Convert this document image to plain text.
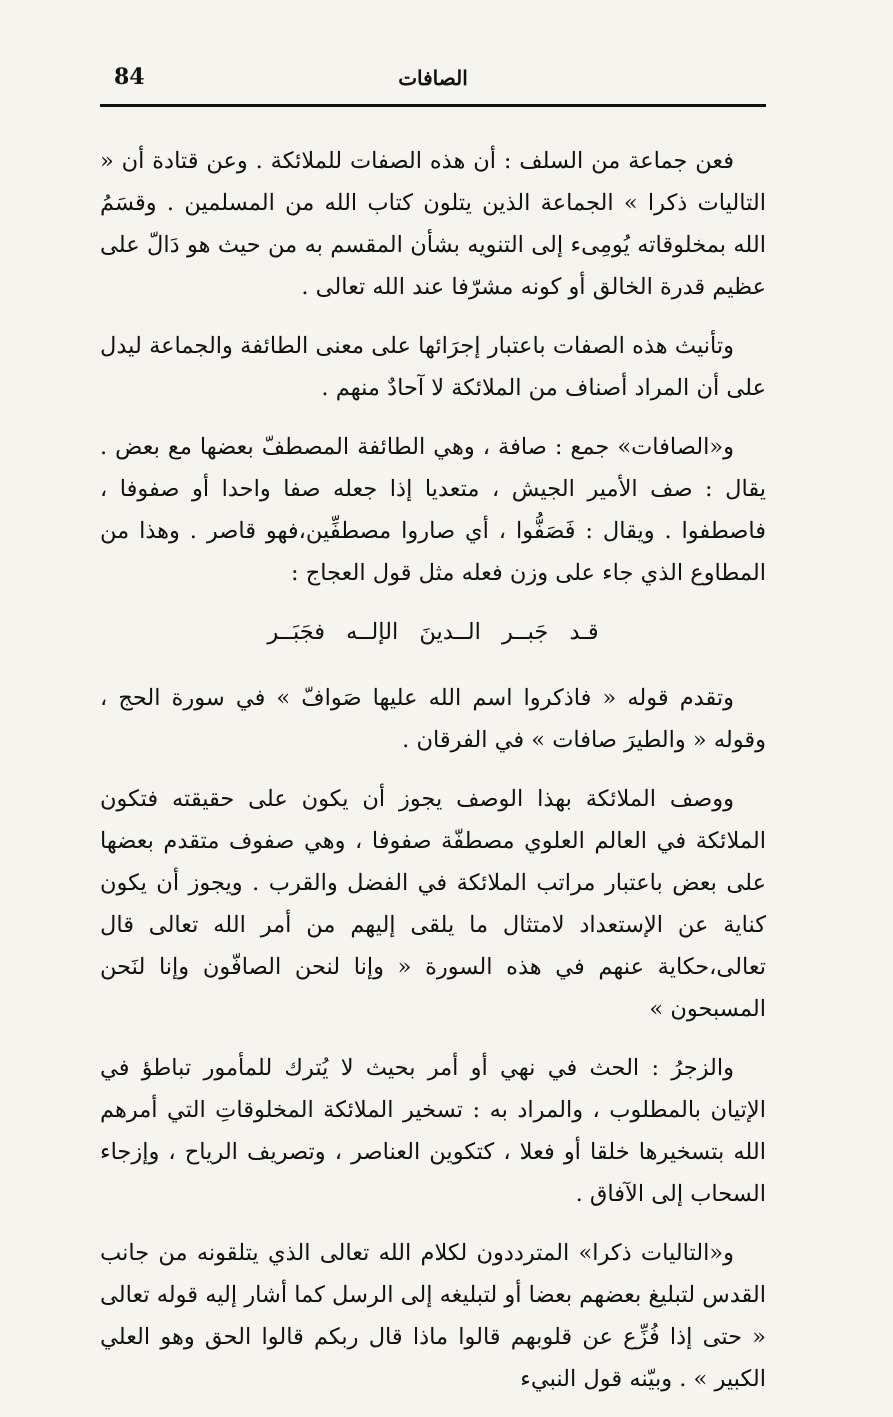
الصافات
84

فعن جماعة من السلف : أن هذه الصفات للملائكة . وعن قتادة أن « التاليات ذكرا » الجماعة الذين يتلون كتاب الله من المسلمين . وقسَمُ الله بمخلوقاته يُومِىء إلى التنويه بشأن المقسم به من حيث هو دَالّ على عظيم قدرة الخالق أو كونه مشرّفا عند الله تعالى .

وتأنيث هذه الصفات باعتبار إجرَائها على معنى الطائفة والجماعة ليدل على أن المراد أصناف من الملائكة لا آحادٌ منهم .

و«الصافات» جمع : صافة ، وهي الطائفة المصطفّ بعضها مع بعض . يقال : صف الأمير الجيش ، متعديا إذا جعله صفا واحدا أو صفوفا ، فاصطفوا . ويقال : فَصَفُّوا ، أي صاروا مصطفِّين،فهو قاصر . وهذا من المطاوع الذي جاء على وزن فعله مثل قول العجاج :

قـد جَبــر الــدينَ الإلــه فجَبَــر

وتقدم قوله « فاذكروا اسم الله عليها صَوافّ » في سورة الحج ، وقوله « والطيرَ صافات » في الفرقان .

ووصف الملائكة بهذا الوصف يجوز أن يكون على حقيقته فتكون الملائكة في العالم العلوي مصطفّة صفوفا ، وهي صفوف متقدم بعضها على بعض باعتبار مراتب الملائكة في الفضل والقرب . ويجوز أن يكون كناية عن الإستعداد لامتثال ما يلقى إليهم من أمر الله تعالى قال تعالى،حكاية عنهم في هذه السورة « وإنا لنحن الصافّون وإنا لنَحن المسبحون »

والزجرُ : الحث في نهي أو أمر بحيث لا يُترك للمأمور تباطؤ في الإتيان بالمطلوب ، والمراد به : تسخير الملائكة المخلوقاتِ التي أمرهم الله بتسخيرها خلقا أو فعلا ، كتكوين العناصر ، وتصريف الرياح ، وإزجاء السحاب إلى الآفاق .

و«التاليات ذكرا» المترددون لكلام الله تعالى الذي يتلقونه من جانب القدس لتبليغ بعضهم بعضا أو لتبليغه إلى الرسل كما أشار إليه قوله تعالى « حتى إذا فُزِّع عن قلوبهم قالوا ماذا قال ربكم قالوا الحق وهو العلي الكبير » . وبيّنه قول النبيء
